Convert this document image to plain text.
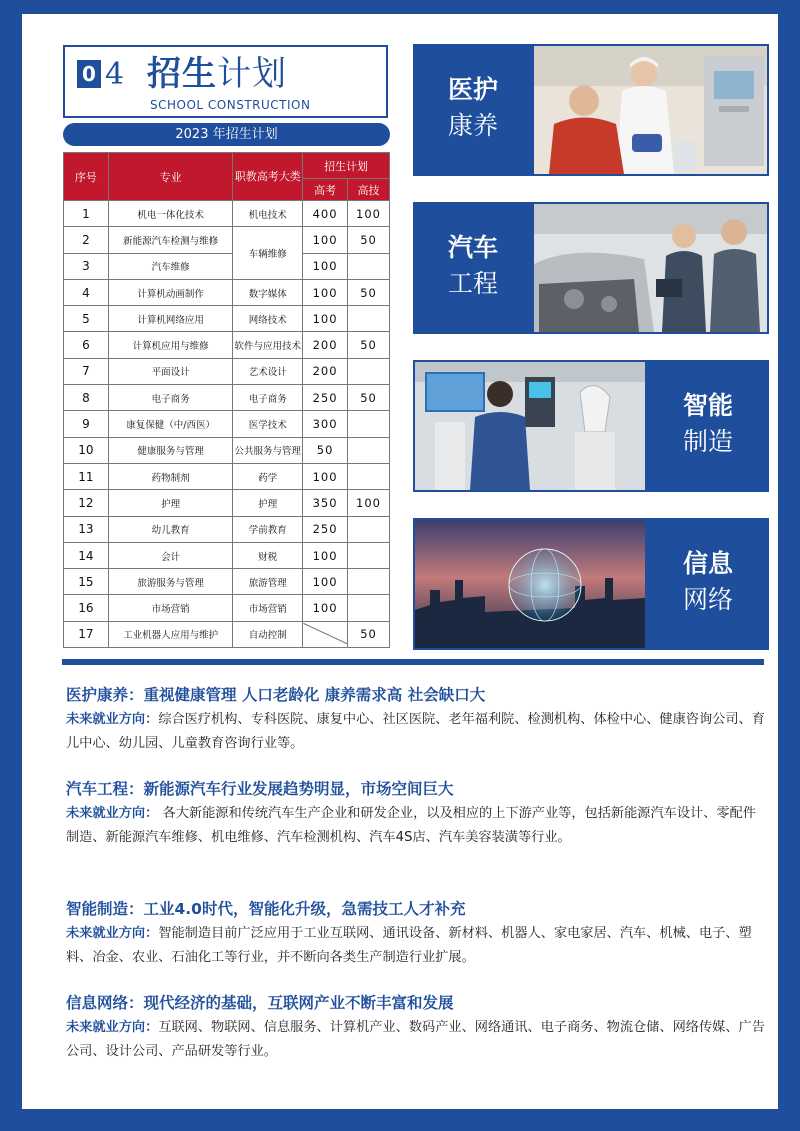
0 4 招生计划
SCHOOL CONSTRUCTION
2023 年招生计划
序号	专业	职教高考大类	招生计划	
			高考	高技
1	机电一体化技术	机电技术	400	100
2	新能源汽车检测与维修	车辆维修	100	50
3	汽车维修		100	
4	计算机动画制作	数字媒体	100	50
5	计算机网络应用	网络技术	100	
6	计算机应用与维修	软件与应用技术	200	50
7	平面设计	艺术设计	200	
8	电子商务	电子商务	250	50
9	康复保健（中/西医）	医学技术	300	
10	健康服务与管理	公共服务与管理	50	
11	药物制剂	药学	100	
12	护理	护理	350	100
13	幼儿教育	学前教育	250	
14	会计	财税	100	
15	旅游服务与管理	旅游管理	100	
16	市场营销	市场营销	100	
17	工业机器人应用与维护	自动控制		50
医护
康养
汽车
工程
智能
制造
信息
网络
医护康养：重视健康管理 人口老龄化 康养需求高 社会缺口大

未来就业方向：综合医疗机构、专科医院、康复中心、社区医院、老年福利院、检测机构、体检中心、健康咨询公司、育儿中心、幼儿园、儿童教育咨询行业等。

汽车工程：新能源汽车行业发展趋势明显，市场空间巨大

未来就业方向： 各大新能源和传统汽车生产企业和研发企业，以及相应的上下游产业等，包括新能源汽车设计、零配件制造、新能源汽车维修、机电维修、汽车检测机构、汽车4S店、汽车美容装潢等行业。

智能制造：工业4.0时代，智能化升级，急需技工人才补充

未来就业方向：智能制造目前广泛应用于工业互联网、通讯设备、新材料、机器人、家电家居、汽车、机械、电子、塑料、冶金、农业、石油化工等行业，并不断向各类生产制造行业扩展。

信息网络：现代经济的基础，互联网产业不断丰富和发展

未来就业方向：互联网、物联网、信息服务、计算机产业、数码产业、网络通讯、电子商务、物流仓储、网络传媒、广告公司、设计公司、产品研发等行业。
